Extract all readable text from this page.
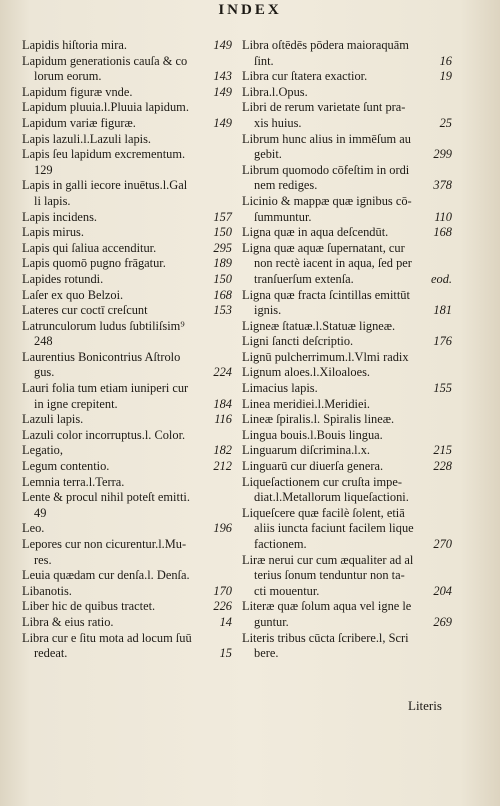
INDEX
Lapidis hiſtoria mira.	149
Lapidum generationis cauſa & co
lorum eorum.	143
Lapidum figuræ vnde.	149
Lapidum pluuia.l.Pluuia lapidum.
Lapidum variæ figuræ.	149
Lapis lazuli.l.Lazuli lapis.
Lapis ſeu lapidum excrementum.
129
Lapis in galli iecore inuētus.l.Gal
li lapis.
Lapis incidens.	157
Lapis mirus.	150
Lapis qui ſaliua accenditur.	295
Lapis quomō pugno frāgatur.	189
Lapides rotundi.	150
Laſer ex quo Belzoi.	168
Lateres cur coctī creſcunt	153
Latrunculorum ludus ſubtiliſsim⁹
248
Laurentius Bonicontrius Aſtrolo
gus.	224
Lauri folia tum etiam iuniperi cur
in igne crepitent.	184
Lazuli lapis.	116
Lazuli color incorruptus.l. Color.
Legatio,	182
Legum contentio.	212
Lemnia terra.l.Terra.
Lente & procul nihil poteſt emitti.
49
Leo.	196
Lepores cur non cicurentur.l.Mu-
res.
Leuia quædam cur denſa.l. Denſa.
Libanotis.	170
Liber hic de quibus tractet.	226
Libra & eius ratio.	14
Libra cur e ſitu mota ad locum ſuū
redeat.	15
Libra oſtēdēs pōdera maioraquām
ſint.	16
Libra cur ſtatera exactior.	19
Libra.l.Opus.
Libri de rerum varietate ſunt pra-
xis huius.	25
Librum hunc alius in immēſum au
gebit.	299
Librum quomodo cōfeſtim in ordi
nem rediges.	378
Licinio & mappæ quæ ignibus cō-
ſummuntur.	110
Ligna quæ in aqua deſcendūt.	168
Ligna quæ aquæ ſupernatant, cur
non rectè iacent in aqua, ſed per
tranſuerſum extenſa.	eod.
Ligna quæ fracta ſcintillas emittūt
ignis.	181
Ligneæ ſtatuæ.l.Statuæ ligneæ.
Ligni ſancti deſcriptio.	176
Lignū pulcherrimum.l.Vlmi radix
Lignum aloes.l.Xiloaloes.
Limacius lapis.	155
Linea meridiei.l.Meridiei.
Lineæ ſpiralis.l. Spiralis lineæ.
Lingua bouis.l.Bouis lingua.
Linguarum diſcrimina.l.x.	215
Linguarū cur diuerſa genera.	228
Liqueſactionem cur cruſta impe-
diat.l.Metallorum liqueſactioni.
Liqueſcere quæ facilè ſolent, etiā
aliis iuncta faciunt facilem lique
factionem.	270
Liræ nerui cur cum æqualiter ad al
terius ſonum tenduntur non ta-
cti mouentur.	204
Literæ quæ ſolum aqua vel igne le
guntur.	269
Literis tribus cūcta ſcribere.l, Scri
bere.
Literis
